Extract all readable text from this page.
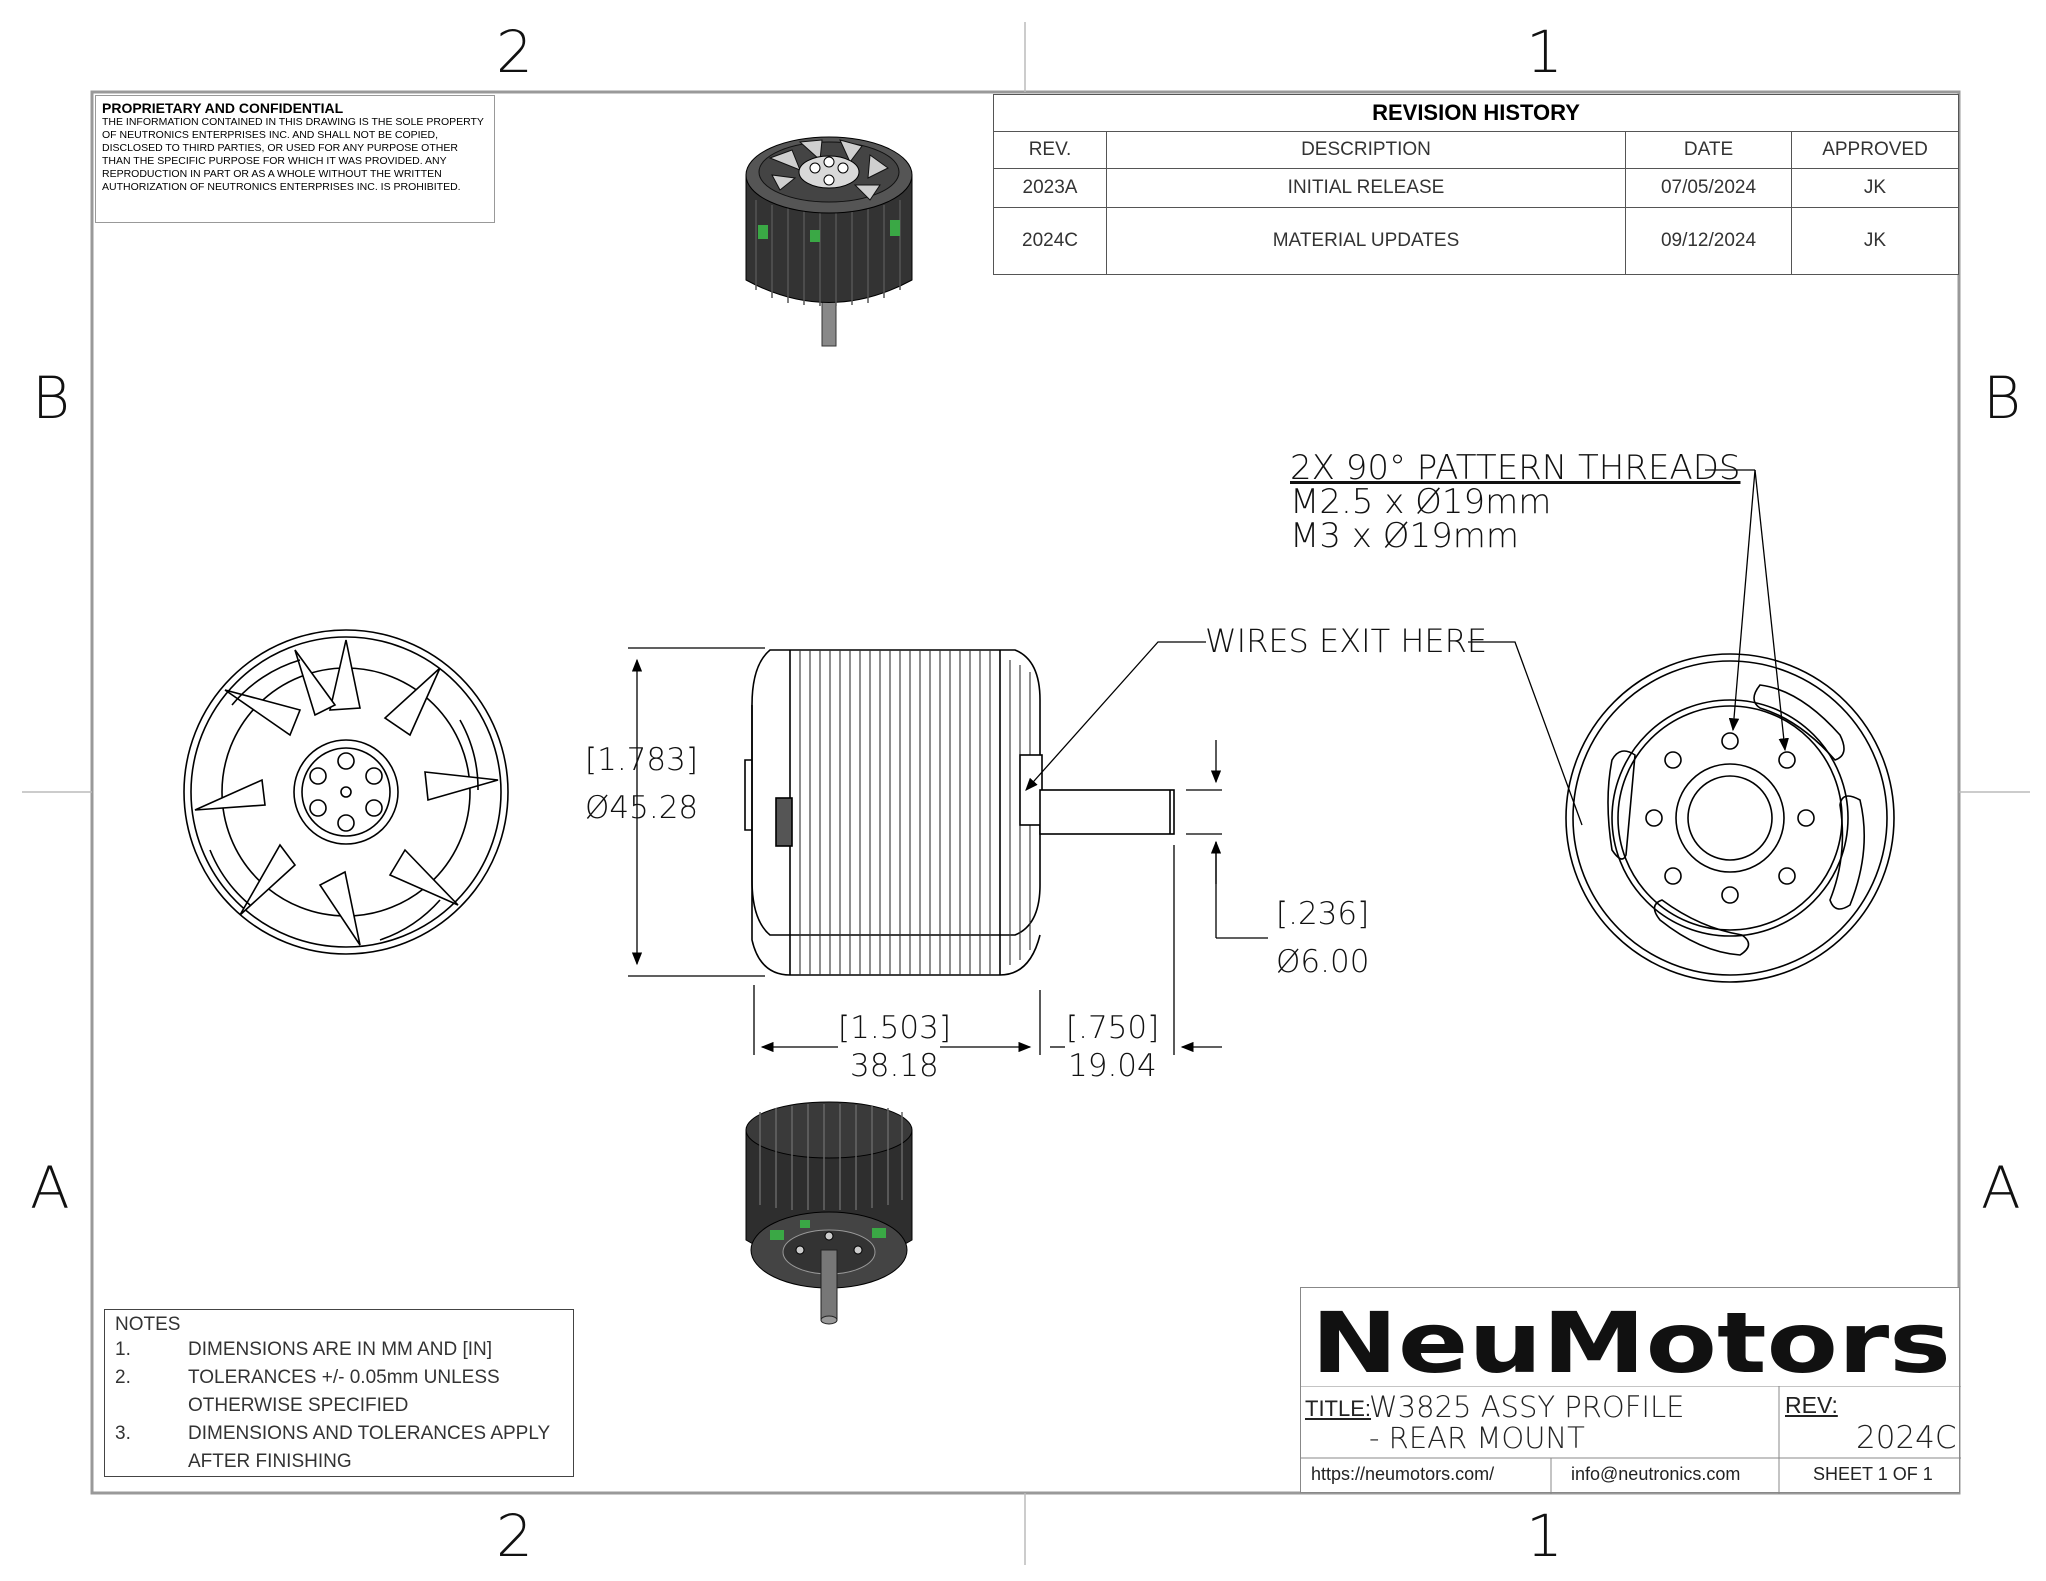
2	1
2	1
B
A
B
A
PROPRIETARY AND CONFIDENTIAL
THE INFORMATION CONTAINED IN THIS DRAWING IS THE SOLE PROPERTY OF NEUTRONICS ENTERPRISES INC. AND SHALL NOT BE COPIED, DISCLOSED TO THIRD PARTIES, OR USED FOR ANY PURPOSE OTHER THAN THE SPECIFIC PURPOSE FOR WHICH IT WAS PROVIDED. ANY REPRODUCTION IN PART OR AS A WHOLE WITHOUT THE WRITTEN AUTHORIZATION OF NEUTRONICS ENTERPRISES INC. IS PROHIBITED.
REVISION HISTORY			
REV.	DESCRIPTION	DATE	APPROVED
2023A	INITIAL RELEASE	07/05/2024	JK
2024C	MATERIAL UPDATES	09/12/2024	JK
2X 90° PATTERN THREADS
M2.5 x Ø19mm
M3 x Ø19mm
WIRES EXIT HERE
[1.783]
Ø45.28
[1.503]
38.18
[.750]
19.04
[.236]
Ø6.00
NOTES
1.	DIMENSIONS ARE IN MM AND [IN]
2.	TOLERANCES +/- 0.05mm UNLESS OTHERWISE SPECIFIED
3.	DIMENSIONS AND TOLERANCES APPLY AFTER FINISHING
NeuMotors
TITLE:
W3825 ASSY PROFILE - REAR MOUNT
REV:
2024C
https://neumotors.com/	info@neutronics.com	SHEET 1 OF 1
